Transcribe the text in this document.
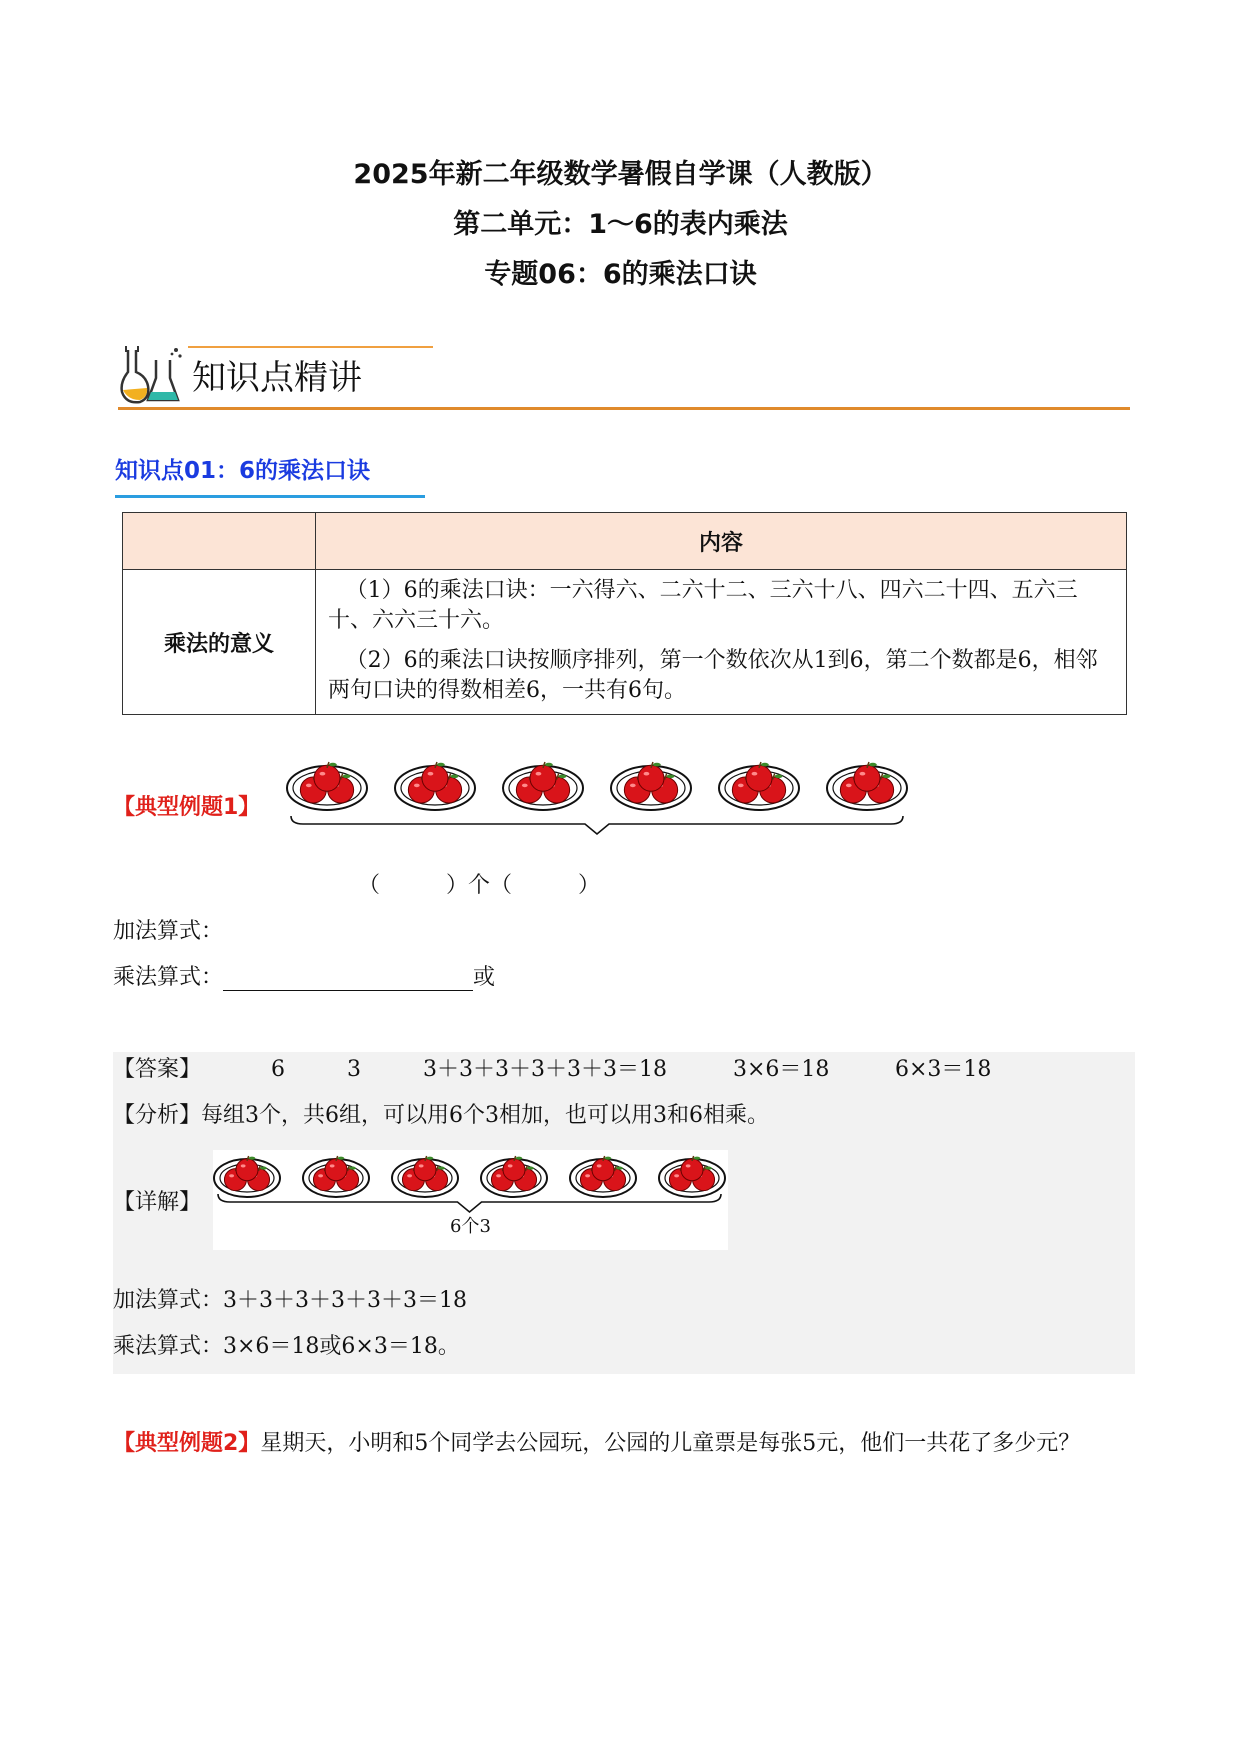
2025年新二年级数学暑假自学课（人教版）
第二单元：1～6的表内乘法
专题06：6的乘法口诀
知识点精讲
知识点01：6的乘法口诀
	内容
乘法的意义	（1）6的乘法口诀：一六得六、二六十二、三六十八、四六二十四、五六三十、六六三十六。

（2）6的乘法口诀按顺序排列，第一个数依次从1到6，第二个数都是6，相邻两句口诀的得数相差6，一共有6句。

【典型例题1】
（　　　）个（　　　）
加法算式：
乘法算式：	或
【答案】	6	3	3＋3＋3＋3＋3＋3＝18	3×6＝18	6×3＝18
【分析】每组3个，共6组，可以用6个3相加，也可以用3和6相乘。
【详解】
6个3
加法算式：3＋3＋3＋3＋3＋3＝18
乘法算式：3×6＝18或6×3＝18。
【典型例题2】星期天，小明和5个同学去公园玩，公园的儿童票是每张5元，他们一共花了多少元？
